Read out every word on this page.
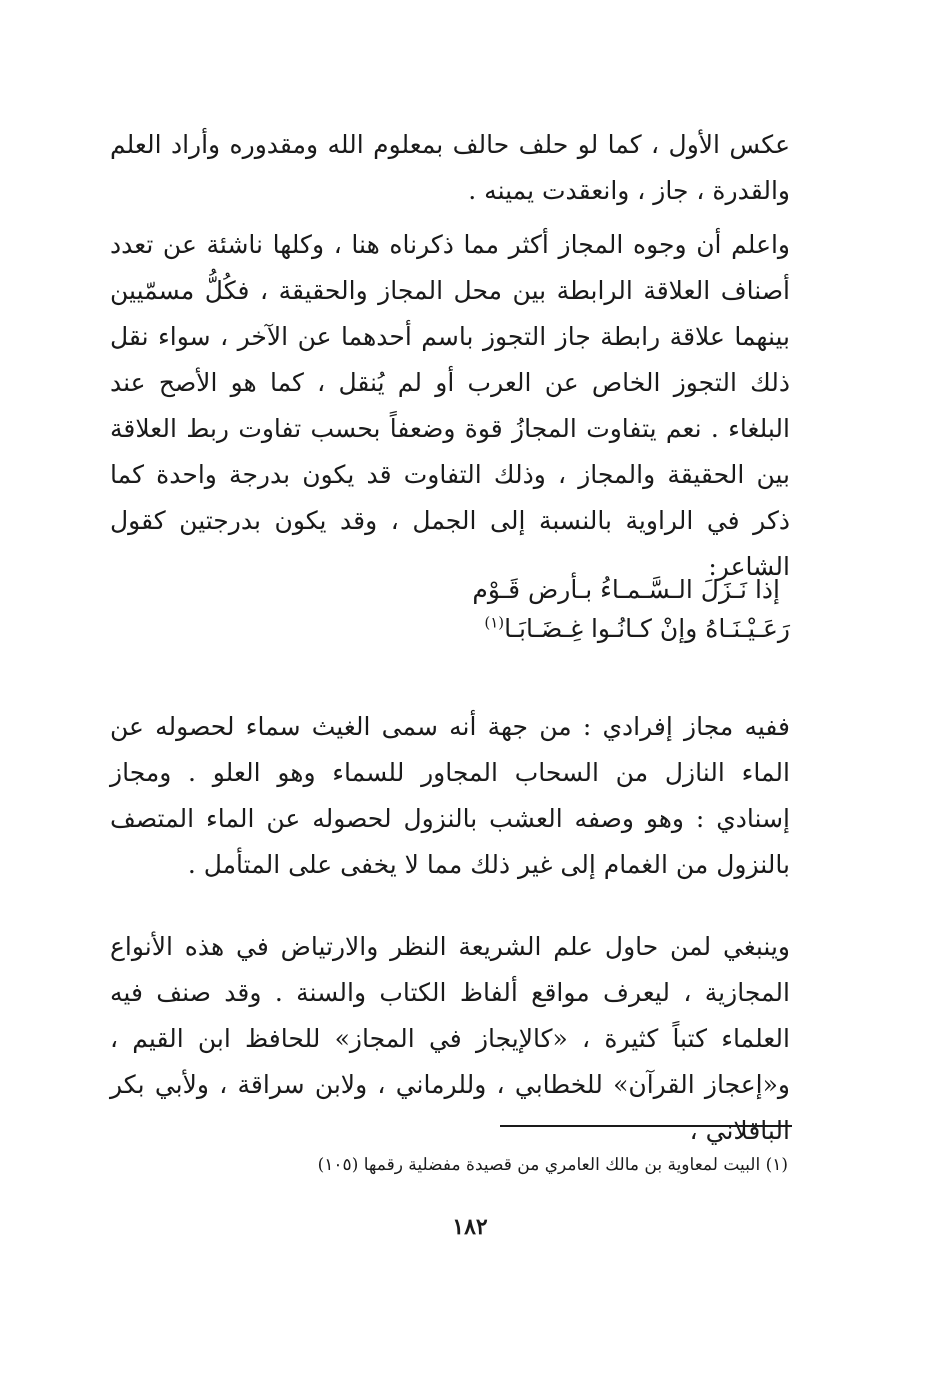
عكس الأول ، كما لو حلف حالف بمعلوم الله ومقدوره وأراد العلم والقدرة ، جاز ، وانعقدت يمينه .

واعلم أن وجوه المجاز أكثر مما ذكرناه هنا ، وكلها ناشئة عن تعدد أصناف العلاقة الرابطة بين محل المجاز والحقيقة ، فكُلُّ مسمّيين بينهما علاقة رابطة جاز التجوز باسم أحدهما عن الآخر ، سواء نقل ذلك التجوز الخاص عن العرب أو لم يُنقل ، كما هو الأصح عند البلغاء . نعم يتفاوت المجازُ قوة وضعفاً بحسب تفاوت ربط العلاقة بين الحقيقة والمجاز ، وذلك التفاوت قد يكون بدرجة واحدة كما ذكر في الراوية بالنسبة إلى الجمل ، وقد يكون بدرجتين كقول الشاعر:

إذا نَـزَلَ الـسَّـمـاءُ بـأرض قَـوْم
رَعَـيْـنَـاهُ وإنْ كـانُـوا غِـضَـابَـا$^{(١)}$

ففيه مجاز إفرادي : من جهة أنه سمى الغيث سماء لحصوله عن الماء النازل من السحاب المجاور للسماء وهو العلو . ومجاز إسنادي : وهو وصفه العشب بالنزول لحصوله عن الماء المتصف بالنزول من الغمام إلى غير ذلك مما لا يخفى على المتأمل .

وينبغي لمن حاول علم الشريعة النظر والارتياض في هذه الأنواع المجازية ، ليعرف مواقع ألفاظ الكتاب والسنة . وقد صنف فيه العلماء كتباً كثيرة ، «كالإيجاز في المجاز» للحافظ ابن القيم ، و«إعجاز القرآن» للخطابي ، وللرماني ، ولابن سراقة ، ولأبي بكر الباقلاني ،

(١) البيت لمعاوية بن مالك العامري من قصيدة مفضلية رقمها (١٠٥)
١٨٢
